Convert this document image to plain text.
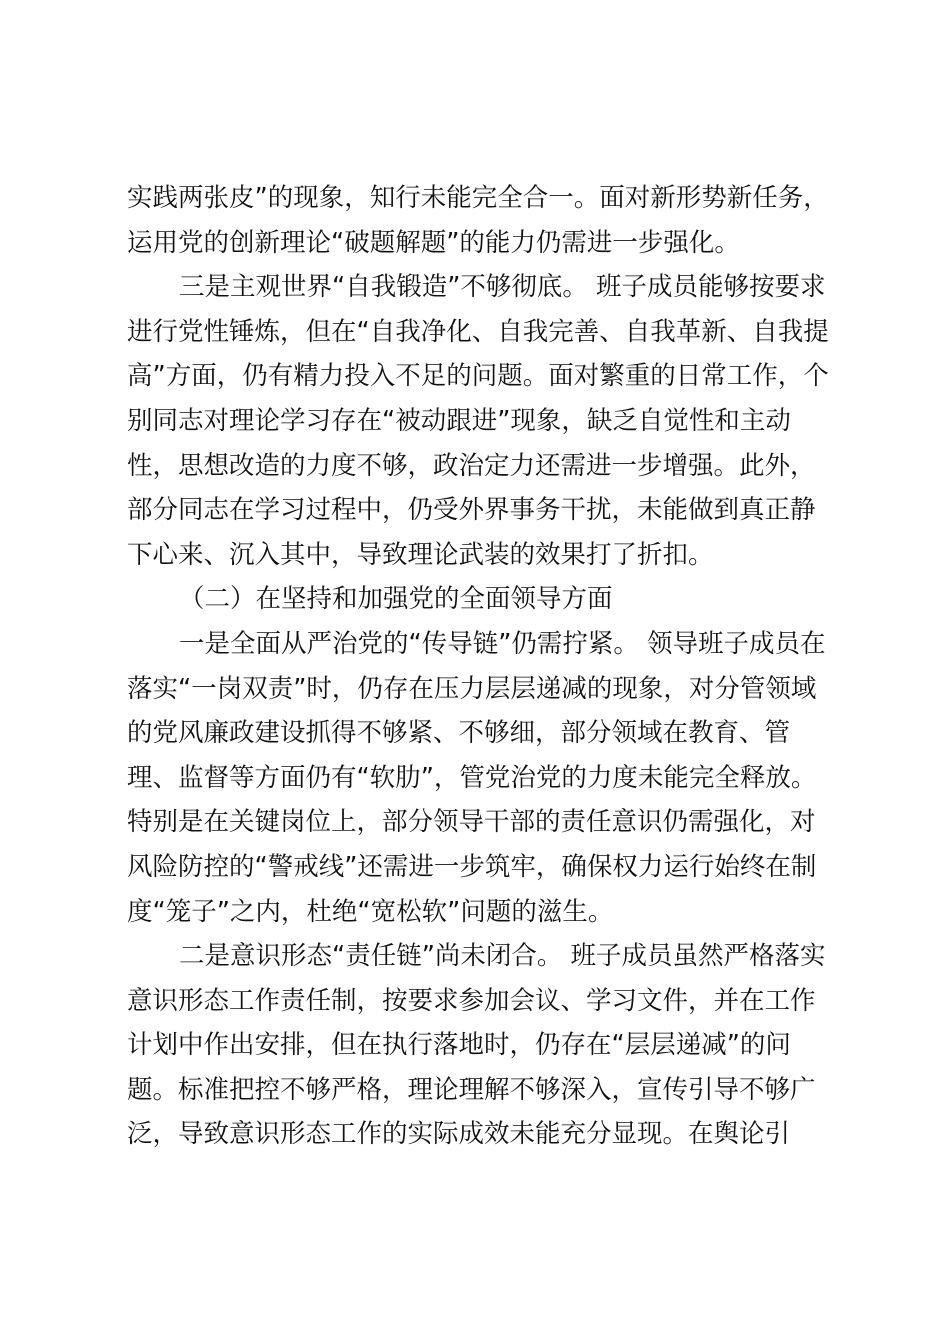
实践两张皮”的现象，知行未能完全合一。面对新形势新任务，
运用党的创新理论“破题解题”的能力仍需进一步强化。
三是主观世界“自我锻造”不够彻底。 班子成员能够按要求
进行党性锤炼，但在“自我净化、自我完善、自我革新、自我提
高”方面，仍有精力投入不足的问题。面对繁重的日常工作，个
别同志对理论学习存在“被动跟进”现象，缺乏自觉性和主动
性，思想改造的力度不够，政治定力还需进一步增强。此外，
部分同志在学习过程中，仍受外界事务干扰，未能做到真正静
下心来、沉入其中，导致理论武装的效果打了折扣。
（二）在坚持和加强党的全面领导方面
一是全面从严治党的“传导链”仍需拧紧。 领导班子成员在
落实“一岗双责”时，仍存在压力层层递减的现象，对分管领域
的党风廉政建设抓得不够紧、不够细，部分领域在教育、管
理、监督等方面仍有“软肋”，管党治党的力度未能完全释放。
特别是在关键岗位上，部分领导干部的责任意识仍需强化，对
风险防控的“警戒线”还需进一步筑牢，确保权力运行始终在制
度“笼子”之内，杜绝“宽松软”问题的滋生。
二是意识形态“责任链”尚未闭合。 班子成员虽然严格落实
意识形态工作责任制，按要求参加会议、学习文件，并在工作
计划中作出安排，但在执行落地时，仍存在“层层递减”的问
题。标准把控不够严格，理论理解不够深入，宣传引导不够广
泛，导致意识形态工作的实际成效未能充分显现。在舆论引
